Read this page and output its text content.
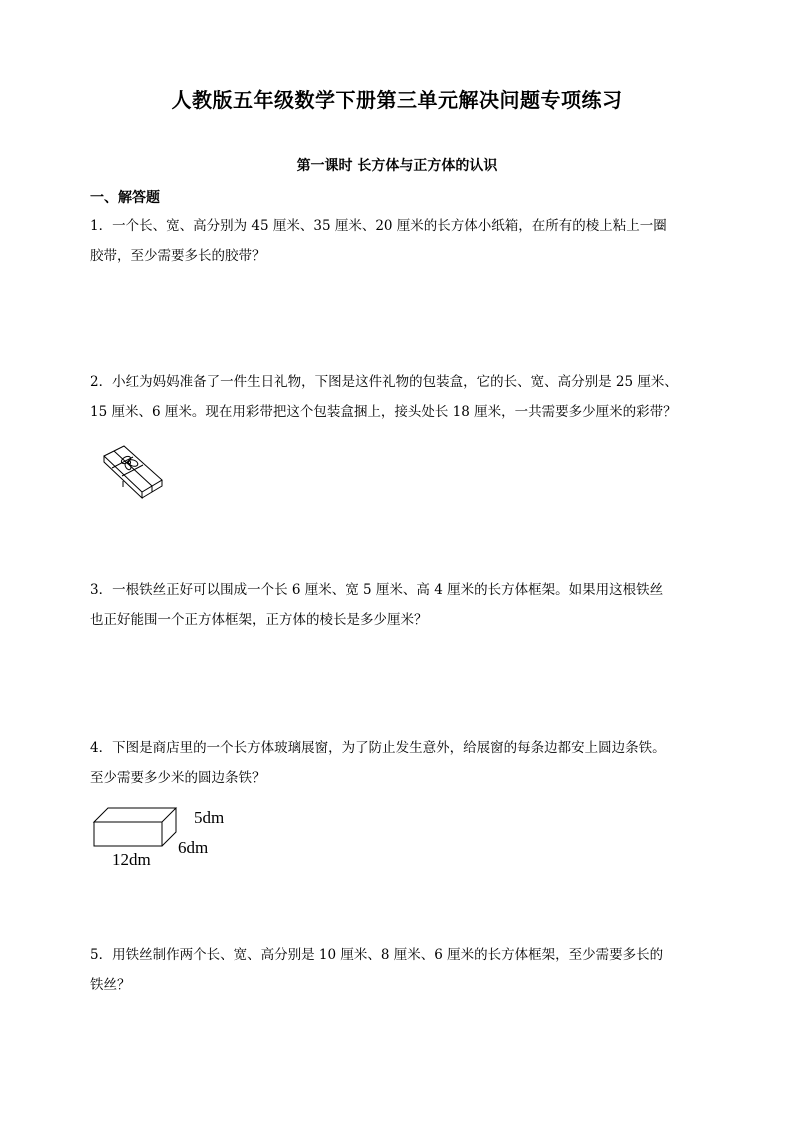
人教版五年级数学下册第三单元解决问题专项练习
第一课时 长方体与正方体的认识
一、解答题

1．一个长、宽、高分别为 45 厘米、35 厘米、20 厘米的长方体小纸箱，在所有的棱上粘上一圈

胶带，至少需要多长的胶带？

2．小红为妈妈准备了一件生日礼物，下图是这件礼物的包装盒，它的长、宽、高分别是 25 厘米、

15 厘米、6 厘米。现在用彩带把这个包装盒捆上，接头处长 18 厘米，一共需要多少厘米的彩带？

3．一根铁丝正好可以围成一个长 6 厘米、宽 5 厘米、高 4 厘米的长方体框架。如果用这根铁丝

也正好能围一个正方体框架，正方体的棱长是多少厘米？

4．下图是商店里的一个长方体玻璃展窗，为了防止发生意外，给展窗的每条边都安上圆边条铁。

至少需要多少米的圆边条铁？

5dm
6dm
12dm

5．用铁丝制作两个长、宽、高分别是 10 厘米、8 厘米、6 厘米的长方体框架，至少需要多长的

铁丝？
